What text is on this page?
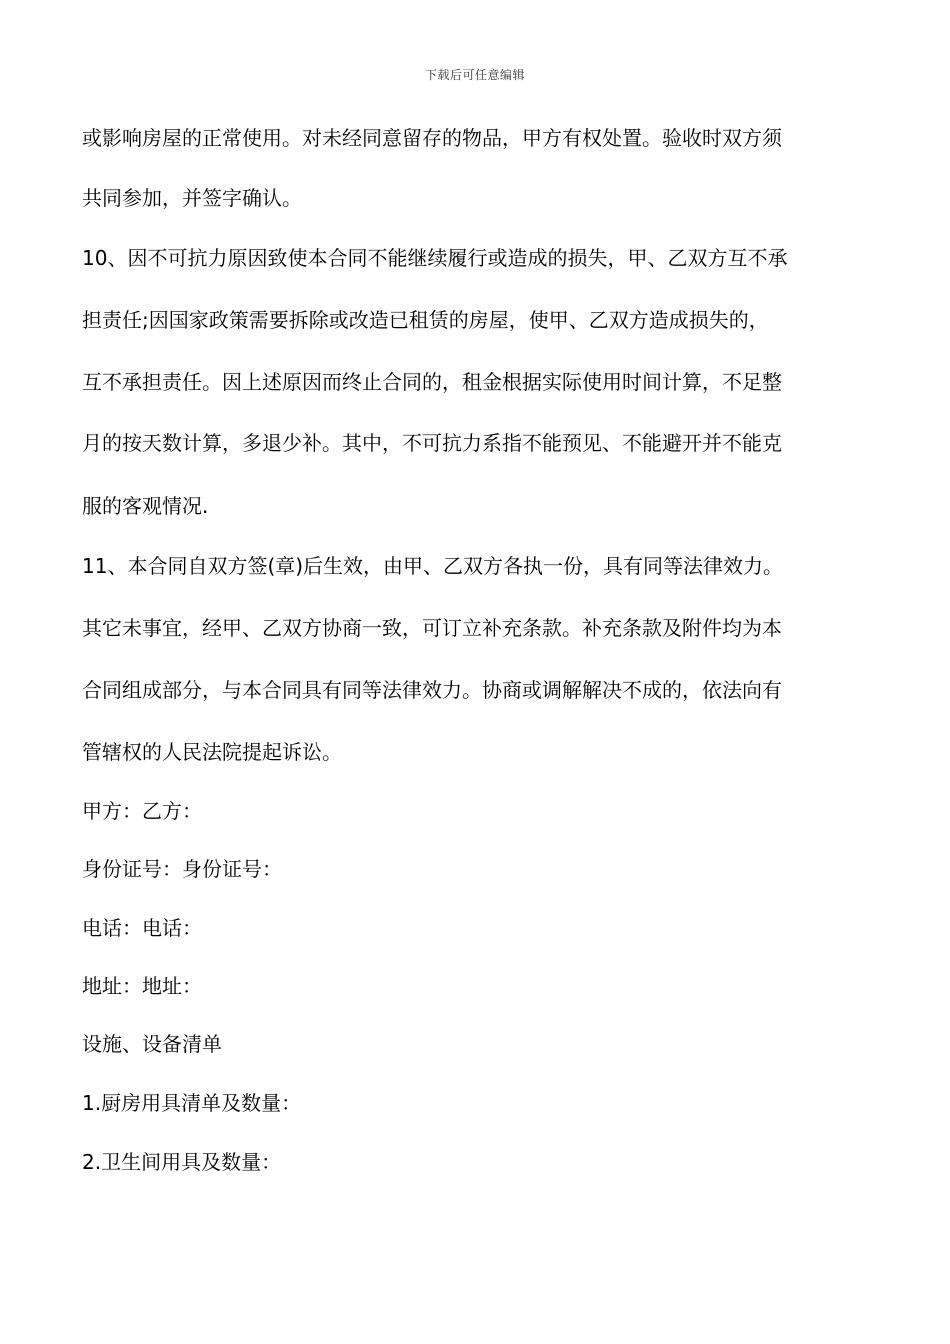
下载后可任意编辑
或影响房屋的正常使用。对未经同意留存的物品，甲方有权处置。验收时双方须
共同参加，并签字确认。
10、因不可抗力原因致使本合同不能继续履行或造成的损失，甲、乙双方互不承
担责任;因国家政策需要拆除或改造已租赁的房屋，使甲、乙双方造成损失的，
互不承担责任。因上述原因而终止合同的，租金根据实际使用时间计算，不足整
月的按天数计算，多退少补。其中，不可抗力系指不能预见、不能避开并不能克
服的客观情况.
11、本合同自双方签(章)后生效，由甲、乙双方各执一份，具有同等法律效力。
其它未事宜，经甲、乙双方协商一致，可订立补充条款。补充条款及附件均为本
合同组成部分，与本合同具有同等法律效力。协商或调解解决不成的，依法向有
管辖权的人民法院提起诉讼。
甲方：乙方：
身份证号：身份证号：
电话：电话：
地址：地址：
设施、设备清单
1.厨房用具清单及数量：
2.卫生间用具及数量：
